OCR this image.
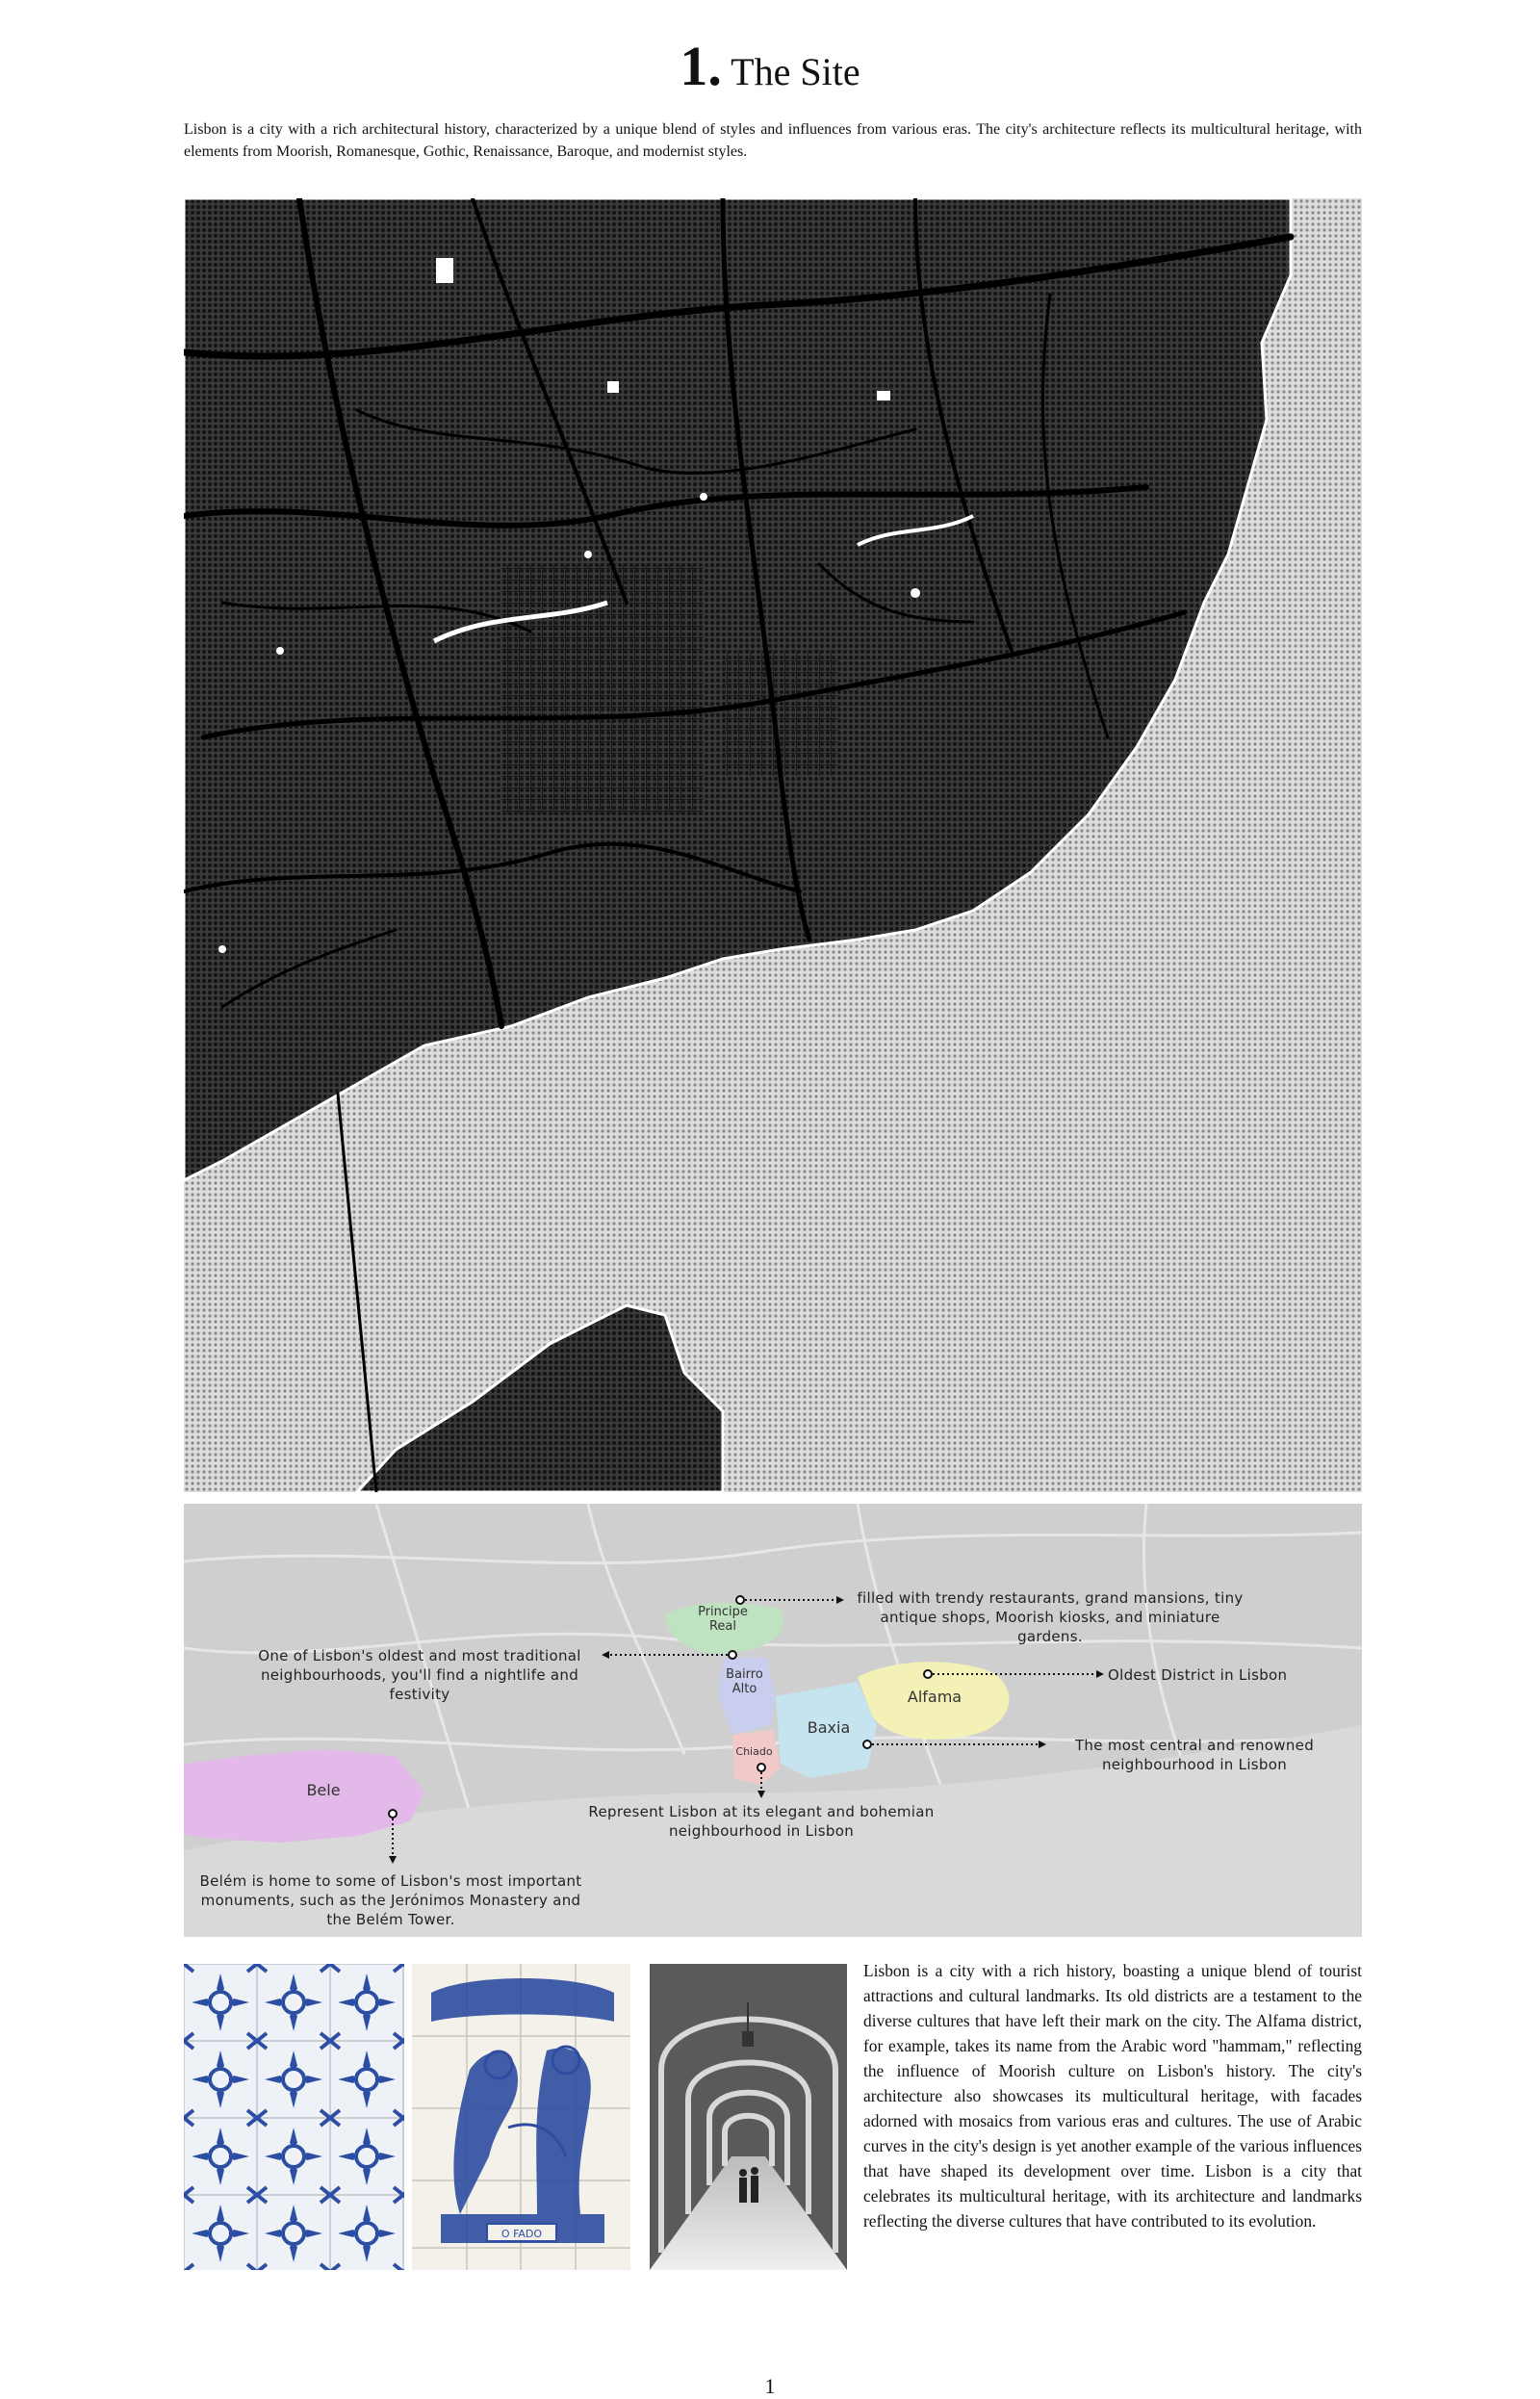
1. The Site
Lisbon is a city with a rich architectural history, characterized by a unique blend of styles and influences from various eras. The city's architecture reflects its multicultural heritage, with elements from Moorish, Romanesque, Gothic, Renaissance, Baroque, and modernist styles.
Principe Real
Bairro Alto	Alfama
Baxia
Chiado
Bele
filled with trendy restaurants, grand mansions, tiny antique shops, Moorish kiosks, and miniature gardens.
One of Lisbon's oldest and most traditional neighbourhoods, you'll find a nightlife and festivity
Oldest District in Lisbon
The most central and renowned neighbourhood in Lisbon
Represent Lisbon at its elegant and bohemian neighbourhood in Lisbon
Belém is home to some of Lisbon's most important monuments, such as the Jerónimos Monastery and the Belém Tower.
O FADO
Lisbon is a city with a rich history, boasting a unique blend of tourist attractions and cultural landmarks. Its old districts are a testament to the diverse cultures that have left their mark on the city. The Alfama district, for example, takes its name from the Arabic word "hammam," reflecting the influence of Moorish culture on Lisbon's history. The city's architecture also showcases its multicultural heritage, with facades adorned with mosaics from various eras and cultures. The use of Arabic curves in the city's design is yet another example of the various influences that have shaped its development over time. Lisbon is a city that celebrates its multicultural heritage, with its architecture and landmarks reflecting the diverse cultures that have contributed to its evolution.
1
